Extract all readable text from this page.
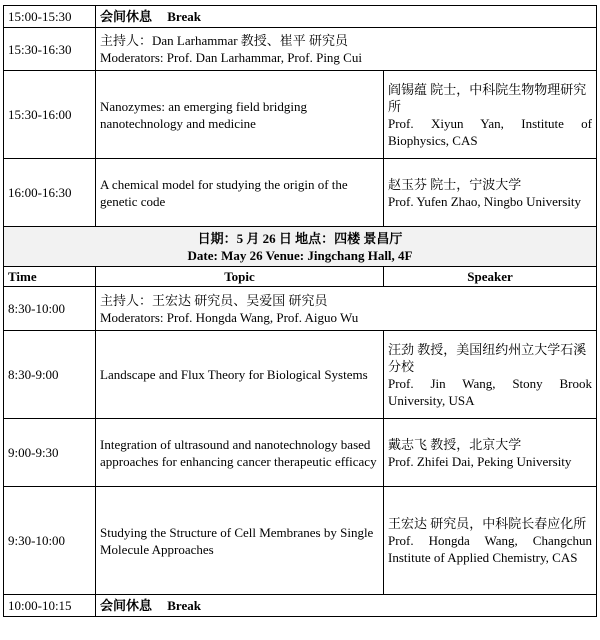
15:00-15:30	会间休息 Break	
15:30-16:30	主持人：Dan Larhammar 教授、崔平 研究员
Moderators: Prof. Dan Larhammar, Prof. Ping Cui	

15:30-16:00	Nanozymes: an emerging field bridging nanotechnology and medicine	阎锡蕴 院士，中科院生物物理研究所
Prof. Xiyun Yan, Institute of Biophysics, CAS

16:00-16:30	A chemical model for studying the origin of the genetic code	赵玉芬 院士，宁波大学
Prof. Yufen Zhao, Ningbo University

日期：5 月 26 日 地点：四楼 景昌厅
Date: May 26 Venue: Jingchang Hall, 4F		

Time	Topic	Speaker
8:30-10:00	主持人：王宏达 研究员、吴爱国 研究员
Moderators: Prof. Hongda Wang, Prof. Aiguo Wu	

8:30-9:00	Landscape and Flux Theory for Biological Systems	汪劲 教授，美国纽约州立大学石溪分校
Prof. Jin Wang, Stony Brook University, USA

9:00-9:30	Integration of ultrasound and nanotechnology based approaches for enhancing cancer therapeutic efficacy	戴志飞 教授，北京大学
Prof. Zhifei Dai, Peking University

9:30-10:00	Studying the Structure of Cell Membranes by Single Molecule Approaches	王宏达 研究员，中科院长春应化所
Prof. Hongda Wang, Changchun Institute of Applied Chemistry, CAS

10:00-10:15	会间休息 Break	
